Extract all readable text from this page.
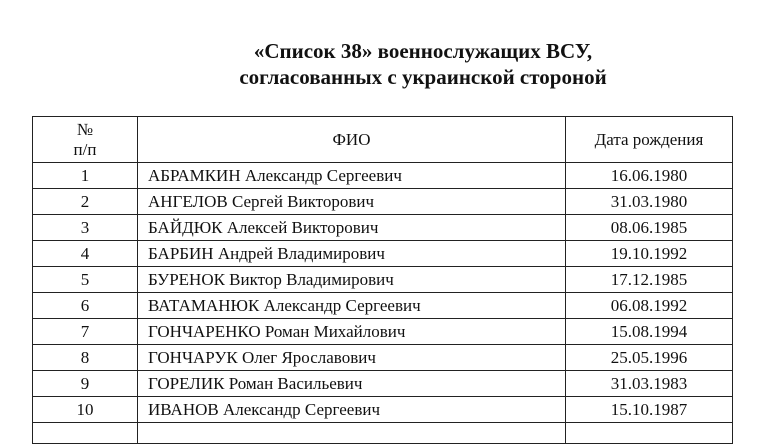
«Список 38» военнослужащих ВСУ,
согласованных с украинской стороной
№
п/п	ФИО	Дата рождения
1	АБРАМКИН Александр Сергеевич	16.06.1980
2	АНГЕЛОВ Сергей Викторович	31.03.1980
3	БАЙДЮК Алексей Викторович	08.06.1985
4	БАРБИН Андрей Владимирович	19.10.1992
5	БУРЕНОК Виктор Владимирович	17.12.1985
6	ВАТАМАНЮК Александр Сергеевич	06.08.1992
7	ГОНЧАРЕНКО Роман Михайлович	15.08.1994
8	ГОНЧАРУК Олег Ярославович	25.05.1996
9	ГОРЕЛИК Роман Васильевич	31.03.1983
10	ИВАНОВ Александр Сергеевич	15.10.1987
